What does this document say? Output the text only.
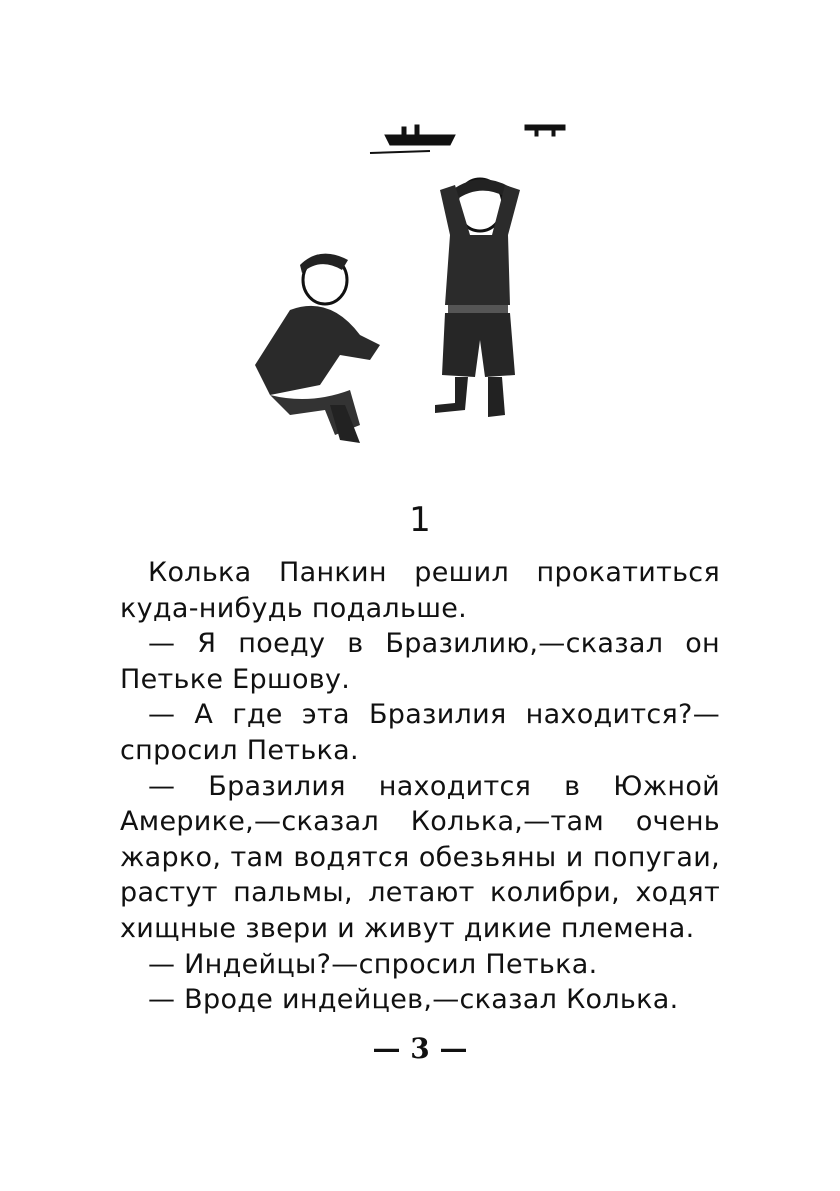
1

Колька Панкин решил прокатиться куда-нибудь подальше.

— Я поеду в Бразилию,—сказал он Петьке Ершову.

— А где эта Бразилия находится?— спросил Петька.

— Бразилия находится в Южной Америке,—сказал Колька,—там очень жарко, там водятся обезьяны и попугаи, растут пальмы, летают колибри, ходят хищные звери и живут дикие племена.

— Индейцы?—спросил Петька.

— Вроде индейцев,—сказал Колька.

— 3 —
